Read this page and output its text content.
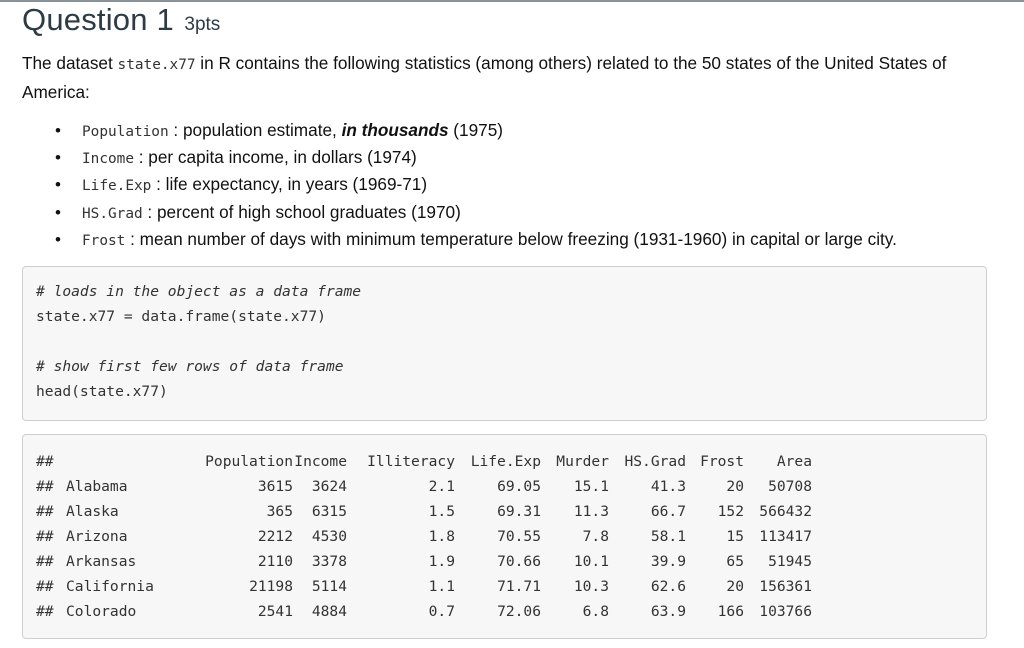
Question 1 3pts
The dataset state.x77 in R contains the following statistics (among others) related to the 50 states of the United States of America:
• Population : population estimate, in thousands (1975)
• Income : per capita income, in dollars (1974)
• Life.Exp : life expectancy, in years (1969-71)
• HS.Grad : percent of high school graduates (1970)
• Frost : mean number of days with minimum temperature below freezing (1931-1960) in capital or large city.
# loads in the object as a data frame
state.x77 = data.frame(state.x77)
# show first few rows of data frame
head(state.x77)
##	Population Income Illiteracy Life.Exp Murder HS.Grad Frost Area
## Alabama	3615 3624	2.1	69.05 15.1	41.3	20 50708
## Alaska	365 6315	1.5	69.31 11.3	66.7 152 566432
## Arizona	2212 4530	1.8	70.55	7.8	58.1	15 113417
## Arkansas	2110 3378	1.9	70.66 10.1	39.9	65 51945
## California	21198 5114	1.1	71.71 10.3	62.6	20 156361
## Colorado	2541 4884	0.7	72.06	6.8	63.9 166 103766
